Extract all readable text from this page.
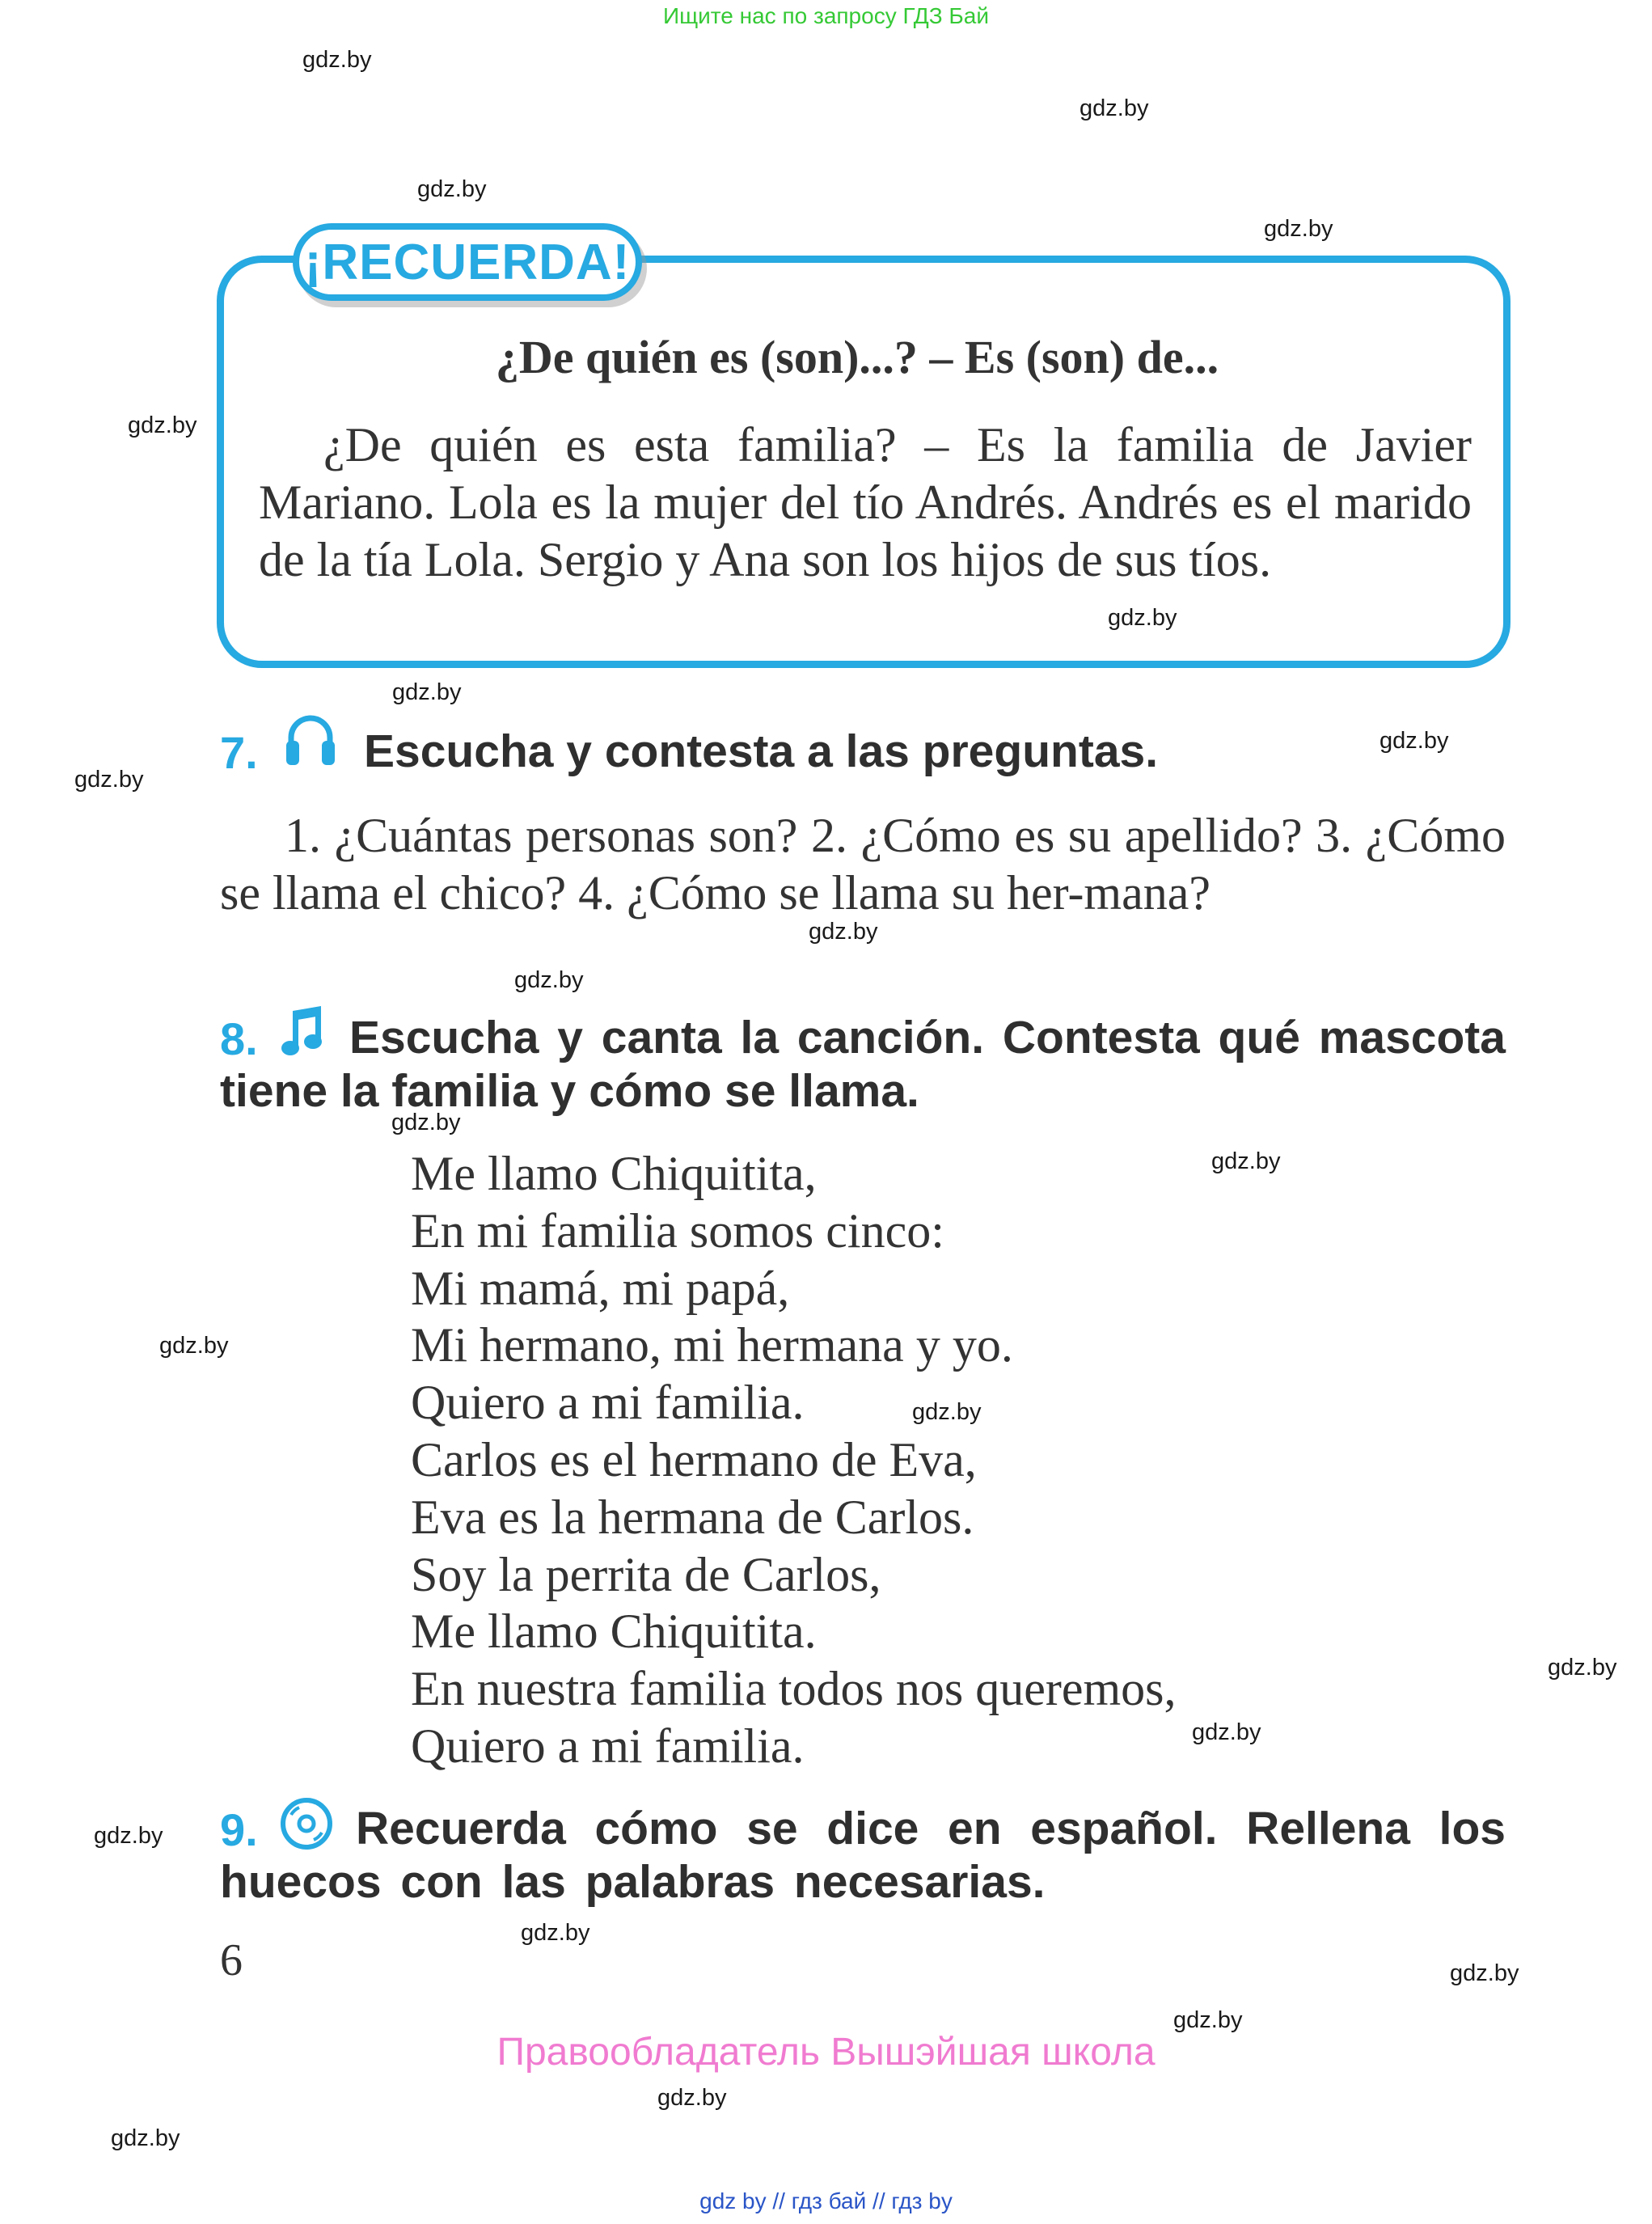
Ищите нас по запросу ГДЗ Бай
gdz.by
gdz.by
gdz.by
gdz.by
gdz.by
¡RECUERDA!
¿De quién es (son)...? – Es (son) de...
¿De quién es esta familia? – Es la familia de Javier Mariano. Lola es la mujer del tío Andrés. Andrés es el marido de la tía Lola. Sergio y Ana son los hijos de sus tíos.
gdz.by
gdz.by
gdz.by
gdz.by
7. Escucha y contesta a las preguntas.
1. ¿Cuántas personas son? 2. ¿Cómo es su apellido? 3. ¿Cómo se llama el chico? 4. ¿Cómo se llama su her-mana?
gdz.by
gdz.by
8.	Escucha y canta la canción. Contesta qué mascota tiene la familia y cómo se llama.
gdz.by
gdz.by
Me llamo Chiquitita,
En mi familia somos cinco:
Mi mamá, mi papá,
Mi hermano, mi hermana y yo.
Quiero a mi familia.
Carlos es el hermano de Eva,
Eva es la hermana de Carlos.
Soy la perrita de Carlos,
Me llamo Chiquitita.
En nuestra familia todos nos queremos,
Quiero a mi familia.
gdz.by
gdz.by
gdz.by
gdz.by
gdz.by 9.	Recuerda cómo se dice en español. Rellena los huecos con las palabras necesarias.
gdz.by
6	gdz.by
gdz.by
Правообладатель Вышэйшая школа
gdz.by
gdz.by
gdz by // гдз бай // гдз by
